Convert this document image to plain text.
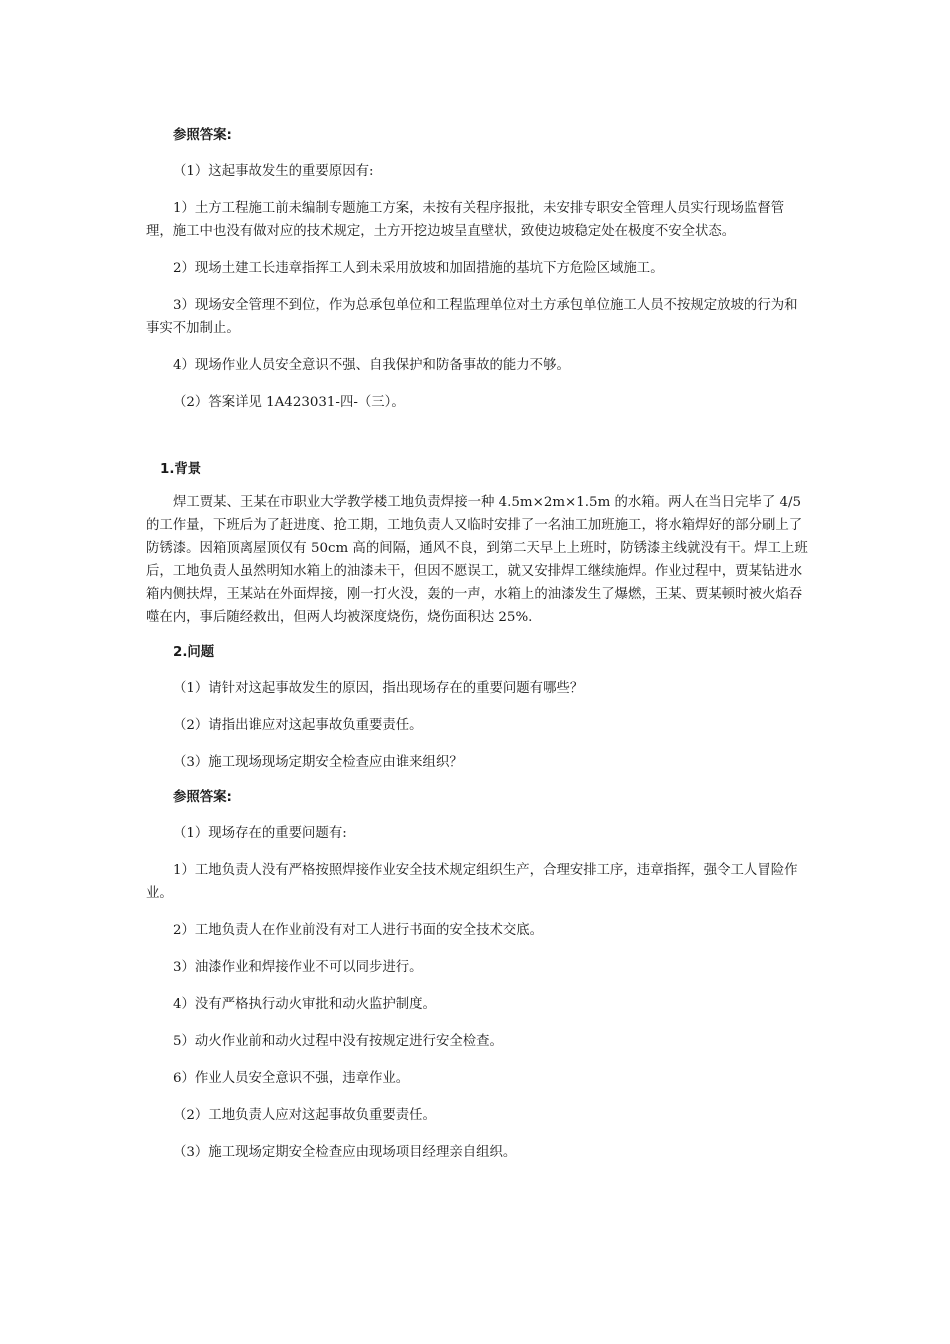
参照答案:

（1）这起事故发生的重要原因有:

1）土方工程施工前未编制专题施工方案，未按有关程序报批，未安排专职安全管理人员实行现场监督管理，施工中也没有做对应的技术规定，土方开挖边坡呈直壁状，致使边坡稳定处在极度不安全状态。

2）现场土建工长违章指挥工人到未采用放坡和加固措施的基坑下方危险区域施工。

3）现场安全管理不到位，作为总承包单位和工程监理单位对土方承包单位施工人员不按规定放坡的行为和事实不加制止。

4）现场作业人员安全意识不强、自我保护和防备事故的能力不够。

（2）答案详见 1A423031-四-（三）。

1.背景

焊工贾某、王某在市职业大学教学楼工地负责焊接一种 4.5m×2m×1.5m 的水箱。两人在当日完毕了 4/5 的工作量，下班后为了赶进度、抢工期，工地负责人又临时安排了一名油工加班施工，将水箱焊好的部分刷上了防锈漆。因箱顶离屋顶仅有 50cm 高的间隔，通风不良，到第二天早上上班时，防锈漆主线就没有干。焊工上班后，工地负责人虽然明知水箱上的油漆未干，但因不愿误工，就又安排焊工继续施焊。作业过程中，贾某钻进水箱内侧扶焊，王某站在外面焊接，刚一打火没，轰的一声，水箱上的油漆发生了爆燃，王某、贾某顿时被火焰吞噬在内，事后随经救出，但两人均被深度烧伤，烧伤面积达 25%.

2.问题

（1）请针对这起事故发生的原因，指出现场存在的重要问题有哪些？

（2）请指出谁应对这起事故负重要责任。

（3）施工现场现场定期安全检查应由谁来组织？

参照答案:

（1）现场存在的重要问题有:

1）工地负责人没有严格按照焊接作业安全技术规定组织生产，合理安排工序，违章指挥，强令工人冒险作业。

2）工地负责人在作业前没有对工人进行书面的安全技术交底。

3）油漆作业和焊接作业不可以同步进行。

4）没有严格执行动火审批和动火监护制度。

5）动火作业前和动火过程中没有按规定进行安全检查。

6）作业人员安全意识不强，违章作业。

（2）工地负责人应对这起事故负重要责任。

（3）施工现场定期安全检查应由现场项目经理亲自组织。
